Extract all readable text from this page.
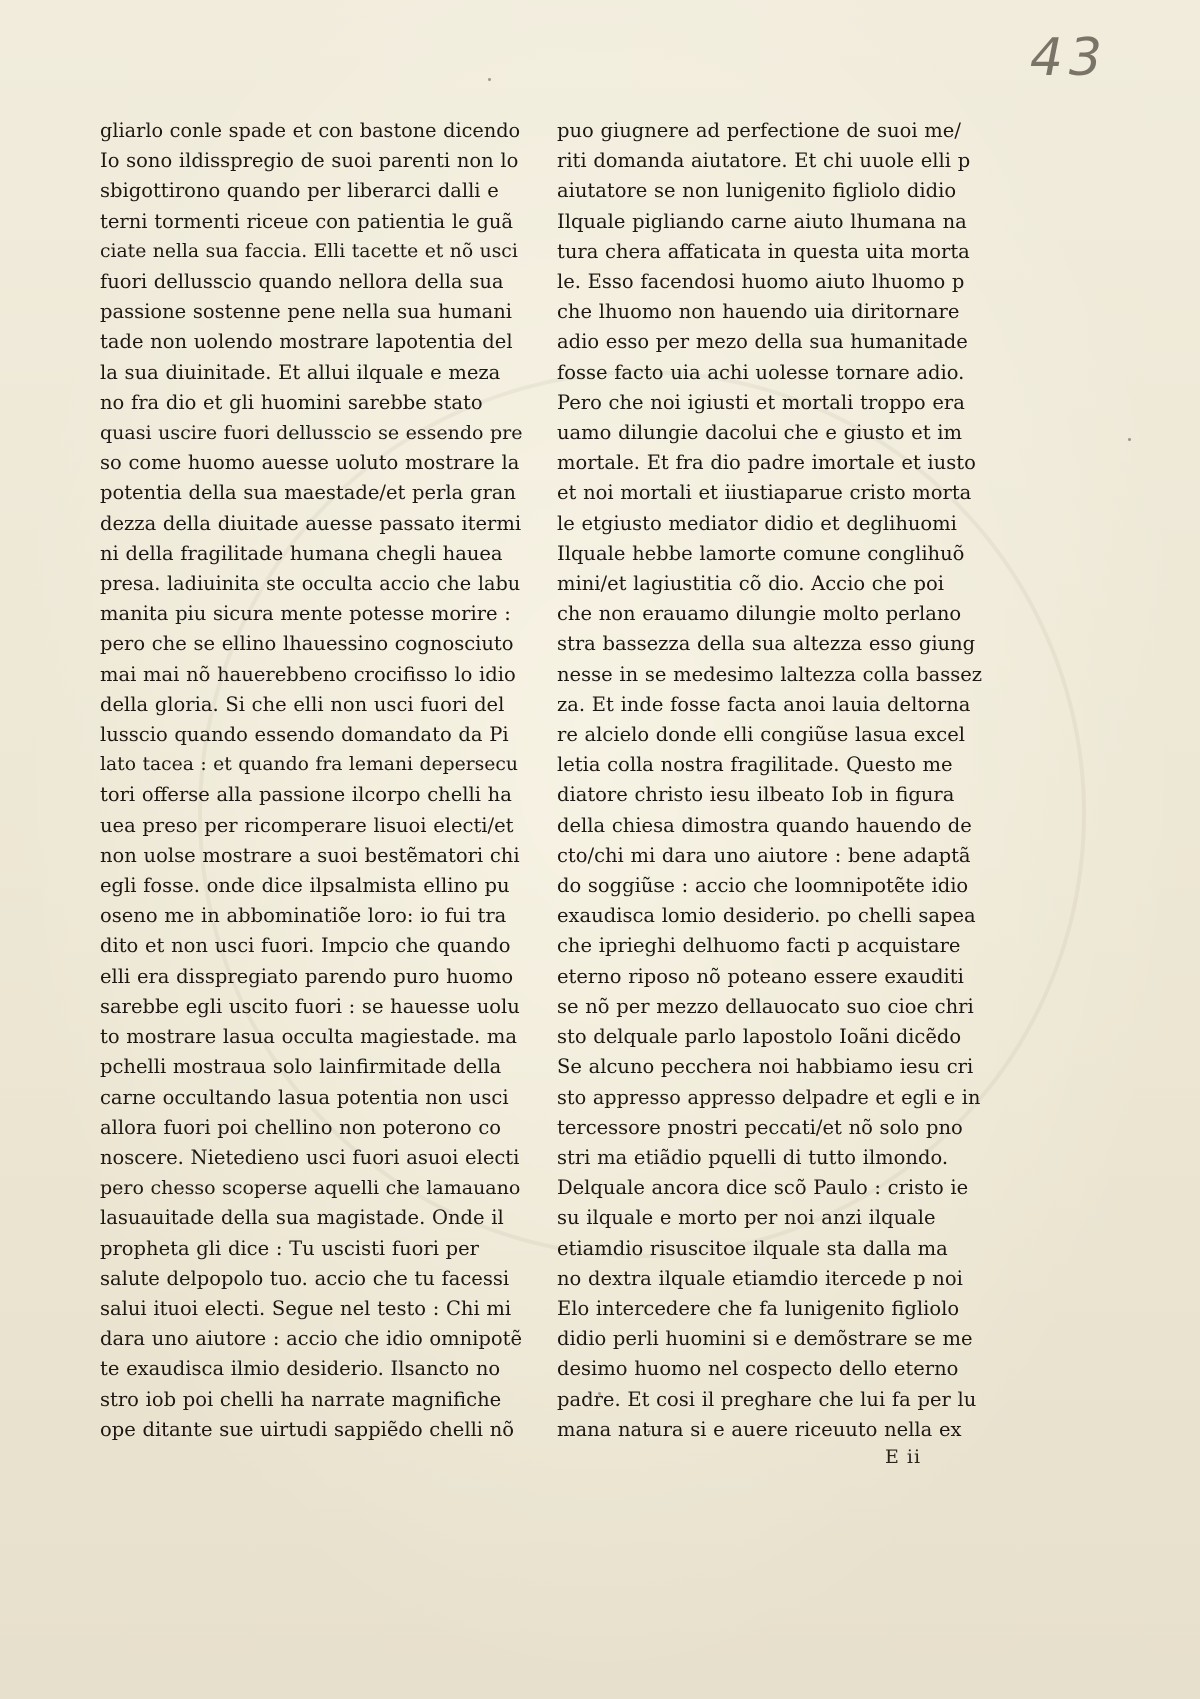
43
gliarlo conle spade et con bastone dicendo
Io sono ildisspregio de suoi parenti non lo
sbigottirono quando per liberarci dalli e
terni tormenti riceue con patientia le guã
ciate nella sua faccia. Elli tacette et nõ usci
fuori dellusscio quando nellora della sua
passione sostenne pene nella sua humani
tade non uolendo mostrare lapotentia del
la sua diuinitade. Et allui ilquale e meza
no fra dio et gli huomini sarebbe stato
quasi uscire fuori dellusscio se essendo pre
so come huomo auesse uoluto mostrare la
potentia della sua maestade/et perla gran
dezza della diuitade auesse passato itermi
ni della fragilitade humana chegli hauea
presa. ladiuinita ste occulta accio che labu
manita piu sicura mente potesse morire :
pero che se ellino lhauessino cognosciuto
mai mai nõ hauerebbeno crocifisso lo idio
della gloria. Si che elli non usci fuori del
lusscio quando essendo domandato da Pi
lato tacea : et quando fra lemani depersecu
tori offerse alla passione ilcorpo chelli ha
uea preso per ricomperare lisuoi electi/et
non uolse mostrare a suoi bestẽmatori chi
egli fosse. onde dice ilpsalmista ellino pu
osenо me in abbominatiõe loro: io fui tra
dito et non usci fuori. Impcio che quando
elli era disspregiato parendo puro huomo
sarebbe egli uscito fuori : se hauesse uolu
to mostrare lasua occulta magiestade. ma
pchelli mostraua solo lainfirmitade della
carne occultando lasua potentia non usci
allora fuori poi chellino non poterono co
noscere. Nietedieno usci fuori asuoi electi
pero chesso scoperse aquelli che lamauano
lasuauitade della sua magistade. Onde il
propheta gli dice : Tu uscisti fuori per
salute delpopolo tuo. accio che tu facessi
salui ituoi electi. Segue nel testo : Chi mi
dara uno aiutore : accio che idio omnipotẽ
te exaudisca ilmio desiderio. Ilsancto no
stro iob poi chelli ha narrate magnifiche
ope ditante sue uirtudi sappiẽdo chelli nõ
puo giugnere ad perfectione de suoi me/
riti domanda aiutatore. Et chi uuole elli p
aiutatore se non lunigenito figliolo didio
Ilquale pigliando carne aiuto lhumana na
tura chera affaticata in questa uita morta
le. Esso facendosi huomo aiuto lhuomo p
che lhuomo non hauendo uia diritornare
adio esso per mezo della sua humanitade
fosse facto uia achi uolesse tornare adio.
Pero che noi igiusti et mortali troppo era
uamo dilungie dacolui che e giusto et im
mortale. Et fra dio padre imortale et iusto
et noi mortali et iiustiaparue cristo morta
le etgiusto mediator didio et deglihuomi
Ilquale hebbe lamorte comune conglihuõ
mini/et lagiustitia cõ dio. Accio che poi
che non erauamo dilungie molto perlano
stra bassezza della sua altezza esso giung
nesse in se medesimo laltezza colla bassez
za. Et inde fosse facta anoi lauia deltorna
re alcielo donde elli congiũse lasua excel
letia colla nostra fragilitade. Questo me
diatore christo iesu ilbeato Iob in figura
della chiesa dimostra quando hauendo de
cto/chi mi dara uno aiutore : bene adaptã
do soggiũse : accio che loomnipotẽte idio
exaudisca lomio desiderio. po chelli sapea
che iprieghi delhuomo facti p acquistare
eterno riposo nõ poteano essere exauditi
se nõ per mezzo dellauocato suo cioe chri
sto delquale parlo lapostolo Ioãni dicẽdo
Se alcuno peccherа noi habbiamo iesu cri
sto appresso appresso delpadre et egli e in
tercessore pnostri peccati/et nõ solo pno
stri ma etiãdio pquelli di tutto ilmondo.
Delquale ancora dice scõ Paulo : cristo ie
su ilquale e morto per noi anzi ilquale
etiamdio risuscitoe ilquale sta dalla ma
no dextra ilquale etiamdio itercede p noi
Elo intercedere che fa lunigenito figliolo
didio perli huomini si e demõstrare se me
desimo huomo nel cospecto dello eterno
padre. Et cosi il preghare che lui fa per lu
mana natura si e auere riceuuto nella ex
E ii
